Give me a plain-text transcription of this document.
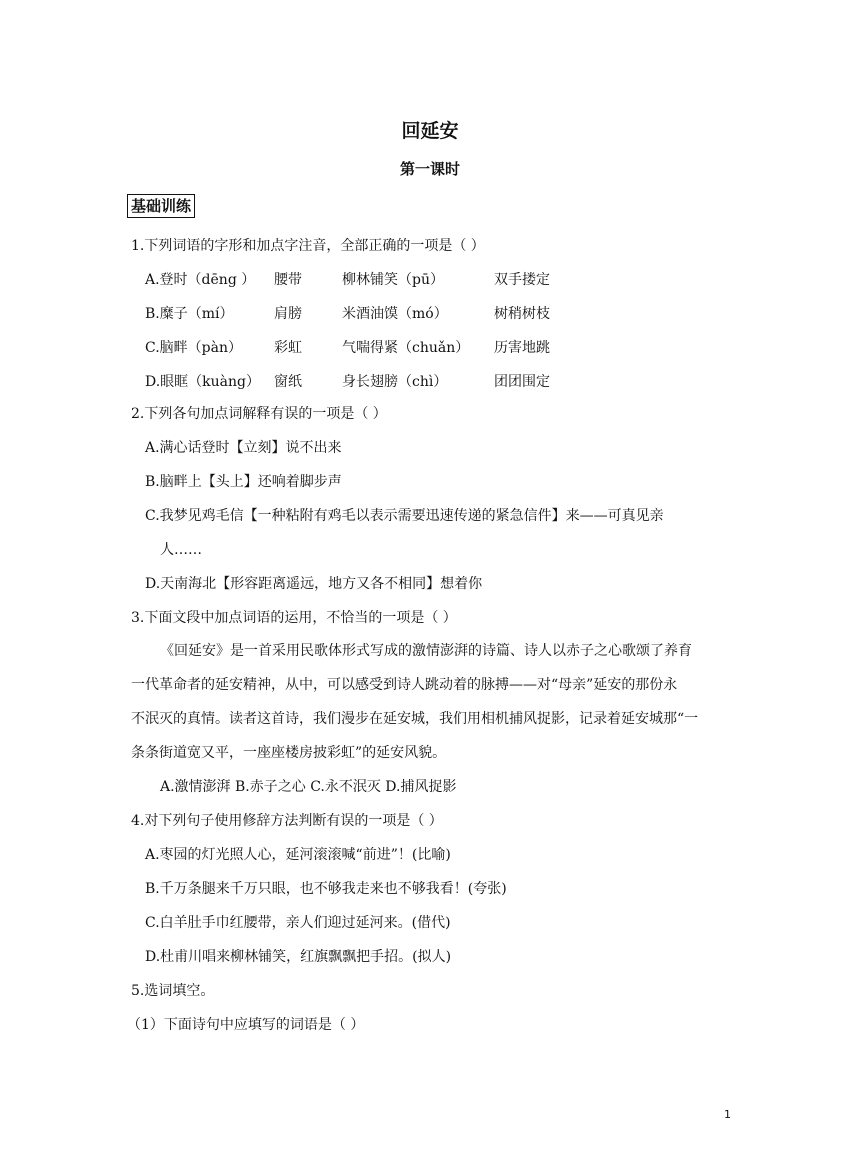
回延安
第一课时
基础训练
1.下列词语的字形和加点字注音，全部正确的一项是（ ）
A.登时（dēng ） 腰带	柳林铺笑（pū）	双手搂定
B.糜子（mí）	肩膀	米酒油馍（mó）	树稍树枝
C.脑畔（pàn） 彩虹	气喘得紧（chuǎn） 历害地跳
D.眼眶（kuàng） 窗纸	身长翅膀（chì）	团团围定
2.下列各句加点词解释有误的一项是（ ）
A.满心话登时【立刻】说不出来
B.脑畔上【头上】还响着脚步声
C.我梦见鸡毛信【一种粘附有鸡毛以表示需要迅速传递的紧急信件】来——可真见亲
人……
D.天南海北【形容距离遥远，地方又各不相同】想着你
3.下面文段中加点词语的运用，不恰当的一项是（ ）
《回延安》是一首采用民歌体形式写成的激情澎湃的诗篇、诗人以赤子之心歌颂了养育
一代革命者的延安精神，从中，可以感受到诗人跳动着的脉搏——对“母亲”延安的那份永
不泯灭的真情。读者这首诗，我们漫步在延安城，我们用相机捕风捉影，记录着延安城那“一
条条街道宽又平，一座座楼房披彩虹”的延安风貌。
A.激情澎湃 B.赤子之心 C.永不泯灭 D.捕风捉影
4.对下列句子使用修辞方法判断有误的一项是（ ）
A.枣园的灯光照人心，延河滚滚喊“前进”！(比喻)
B.千万条腿来千万只眼，也不够我走来也不够我看！(夸张)
C.白羊肚手巾红腰带，亲人们迎过延河来。(借代)
D.杜甫川唱来柳林铺笑，红旗飘飘把手招。(拟人)
5.选词填空。
（1）下面诗句中应填写的词语是（ ）
1
